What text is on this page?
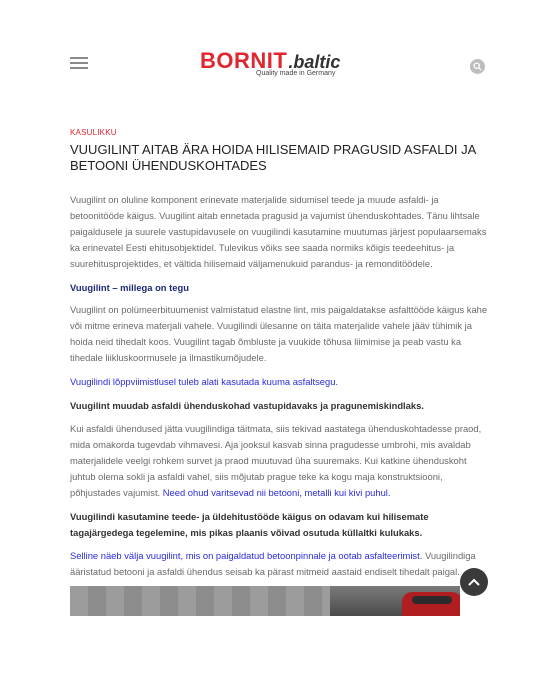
BORNIT.baltic
Quality made in Germany
KASULIKKU
VUUGILINT AITAB ÄRA HOIDA HILISEMAID PRAGUSID ASFALDI JA BETOONI ÜHENDUSKOHTADES

Vuugilint on oluline komponent erinevate materjalide sidumisel teede ja muude asfaldi- ja betoonitööde käigus. Vuugilint aitab ennetada pragusid ja vajumist ühenduskohtades. Tänu lihtsale paigaldusele ja suurele vastupidavusele on vuugilindi kasutamine muutumas järjest populaarsemaks ka erinevatel Eesti ehitusobjektidel. Tulevikus võiks see saada normiks kõigis teedeehitus- ja suurehitusprojektides, et vältida hilisemaid väljamenukuid parandus- ja remonditöödele.

Vuugilint – millega on tegu

Vuugilint on polümeerbituumenist valmistatud elastne lint, mis paigaldatakse asfalttööde käigus kahe või mitme erineva materjali vahele. Vuugilindi ülesanne on täita materjalide vahele jääv tühimik ja hoida neid tihedalt koos. Vuugilint tagab õmbluste ja vuukide tõhusa liimimise ja peab vastu ka tihedale liikluskoormusele ja ilmastikumõjudele.

Vuugilindi lõppviimistlusel tuleb alati kasutada kuuma asfaltsegu.

Vuugilint muudab asfaldi ühenduskohad vastupidavaks ja pragunemiskindlaks.

Kui asfaldi ühendused jätta vuugilindiga täitmata, siis tekivad aastatega ühenduskohtadesse praod, mida omakorda tugevdab vihmavesi. Aja jooksul kasvab sinna pragudesse umbrohi, mis avaldab materjalidele veelgi rohkem survet ja praod muutuvad üha suuremaks. Kui katkine ühenduskoht juhtub olema sokli ja asfaldi vahel, siis mõjutab prague teke ka kogu maja konstruktsiooni, põhjustades vajumist. Need ohud varitsevad nii betooni, metalli kui kivi puhul.

Vuugilindi kasutamine teede- ja üldehitustööde käigus on odavam kui hilisemate tagajärgedega tegelemine, mis pikas plaanis võivad osutuda küllaltki kulukaks.

Selline näeb välja vuugilint, mis on paigaldatud betoonpinnale ja ootab asfalteerimist. Vuugilindiga ääristatud betooni ja asfaldi ühendus seisab ka pärast mitmeid aastaid endiselt tihedalt paigal.
